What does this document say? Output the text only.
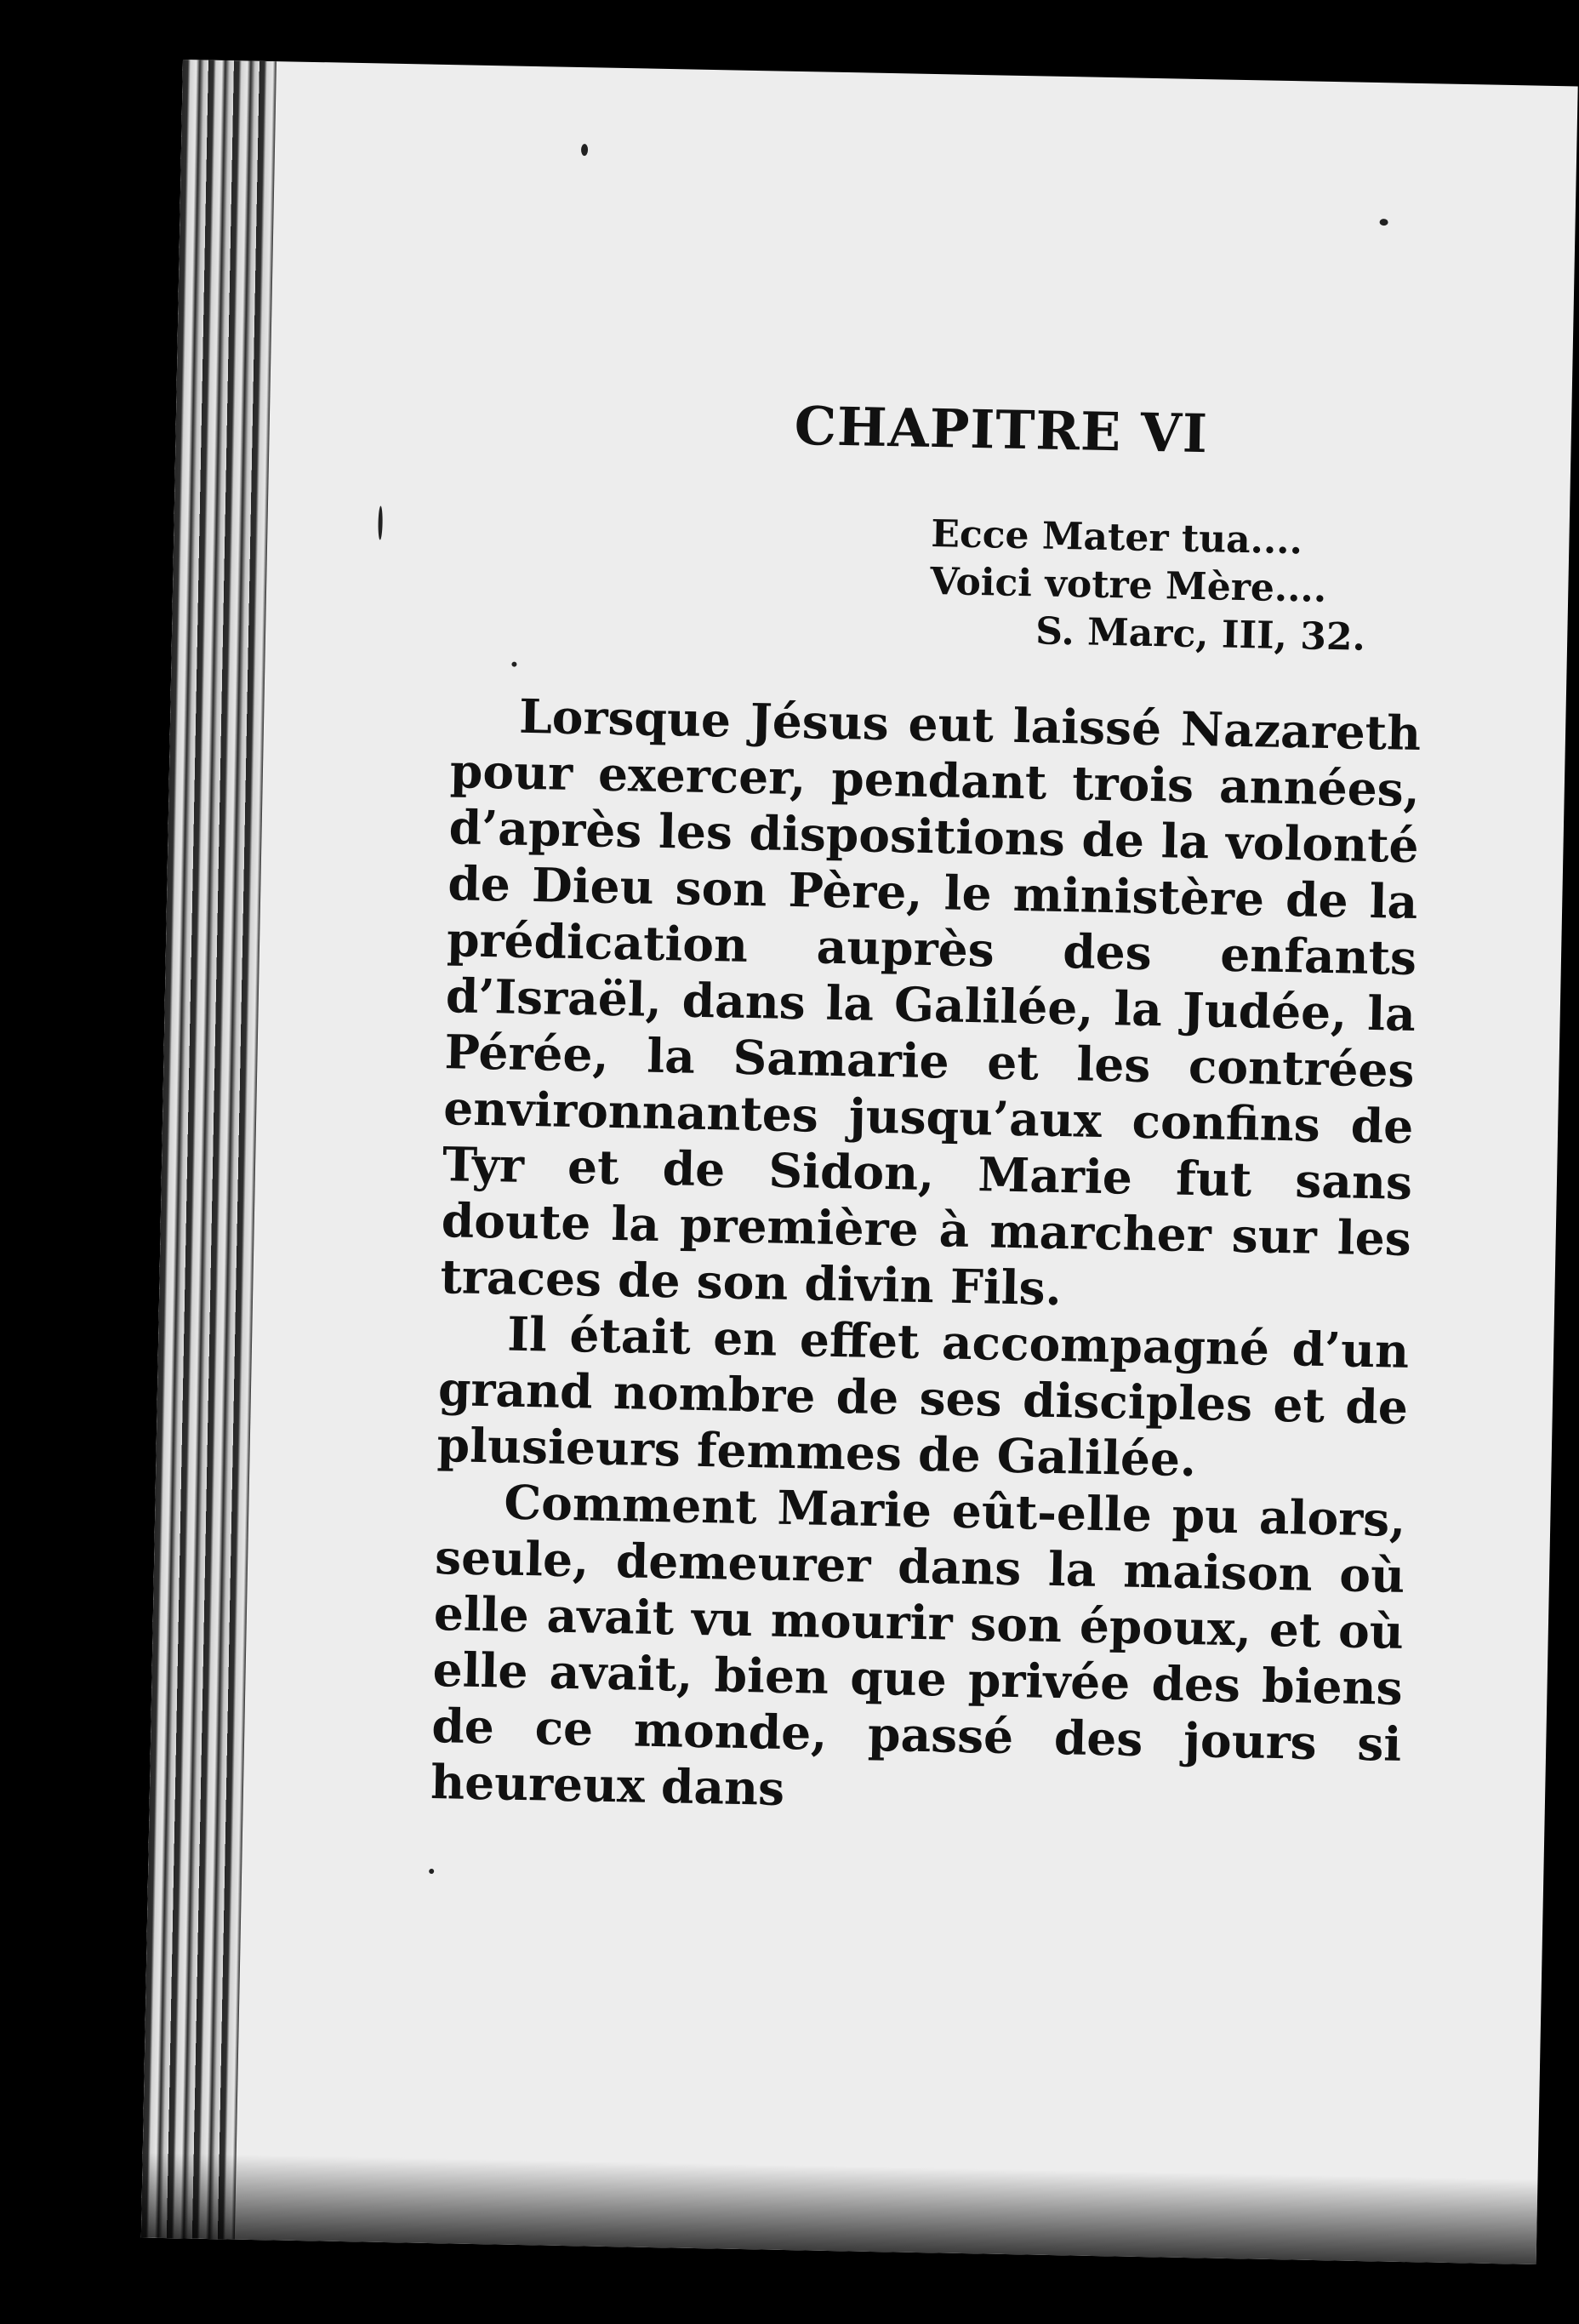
CHAPITRE VI
Ecce Mater tua....
Voici votre Mère....
S. Marc, III, 32.

Lorsque Jésus eut laissé Nazareth pour exercer, pendant trois années, d’après les dispositions de la volonté de Dieu son Père, le ministère de la prédication auprès des enfants d’Israël, dans la Galilée, la Judée, la Pérée, la Samarie et les contrées environnantes jusqu’aux confins de Tyr et de Sidon, Marie fut sans doute la première à marcher sur les traces de son divin Fils.

Il était en effet accompagné d’un grand nombre de ses disciples et de plusieurs femmes de Galilée.

Comment Marie eût-elle pu alors, seule, demeurer dans la maison où elle avait vu mourir son époux, et où elle avait, bien que privée des biens de ce monde, passé des jours si heureux dans
